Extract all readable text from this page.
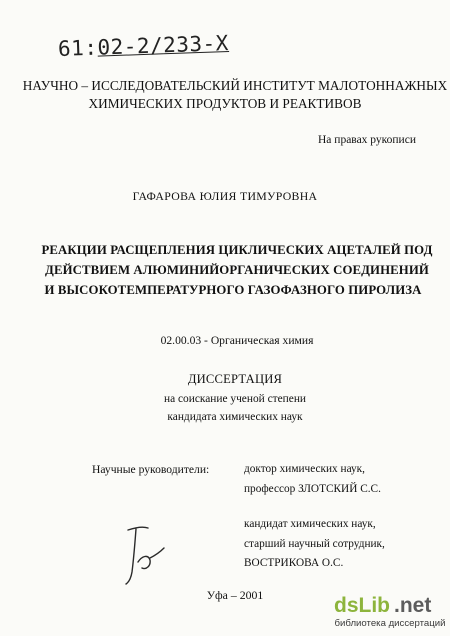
61:02-2/233-Х
НАУЧНО – ИССЛЕДОВАТЕЛЬСКИЙ ИНСТИТУТ МАЛОТОННАЖНЫХ
ХИМИЧЕСКИХ ПРОДУКТОВ И РЕАКТИВОВ
На правах рукописи
ГАФАРОВА ЮЛИЯ ТИМУРОВНА
РЕАКЦИИ РАСЩЕПЛЕНИЯ ЦИКЛИЧЕСКИХ АЦЕТАЛЕЙ ПОД
ДЕЙСТВИЕМ АЛЮМИНИЙОРГАНИЧЕСКИХ СОЕДИНЕНИЙ
И ВЫСОКОТЕМПЕРАТУРНОГО ГАЗОФАЗНОГО ПИРОЛИЗА
02.00.03 - Органическая химия
ДИССЕРТАЦИЯ
на соискание ученой степени
кандидата химических наук
Научные руководители:	доктор химических наук,
профессор ЗЛОТСКИЙ С.С.
кандидат химических наук,
старший научный сотрудник,
ВОСТРИКОВА О.С.
Уфа – 2001	dsLib .net
библиотека диссертаций
